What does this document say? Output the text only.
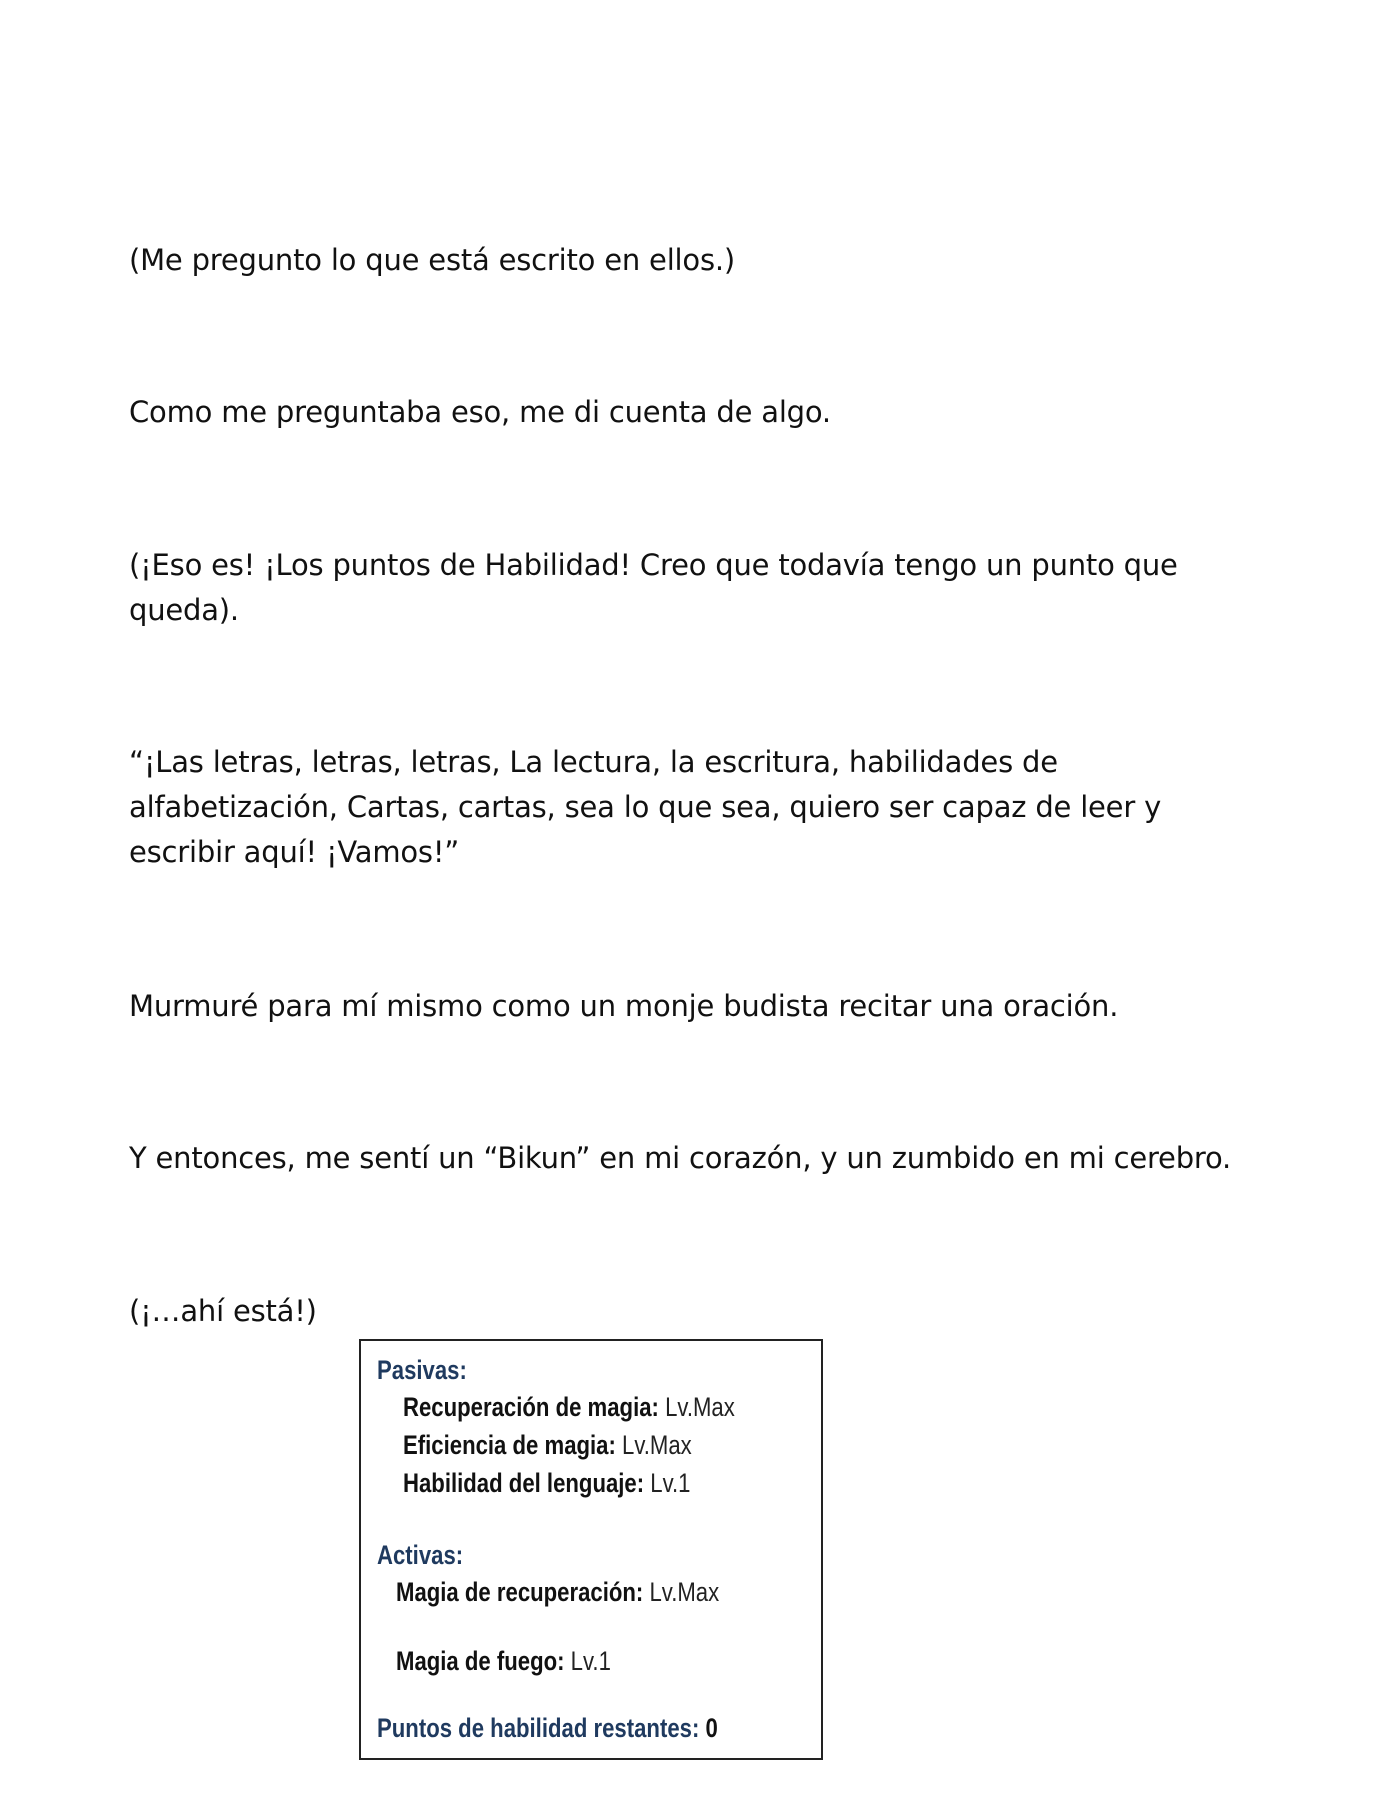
(Me pregunto lo que está escrito en ellos.)

Como me preguntaba eso, me di cuenta de algo.

(¡Eso es! ¡Los puntos de Habilidad! Creo que todavía tengo un punto que queda).

“¡Las letras, letras, letras, La lectura, la escritura, habilidades de alfabetización, Cartas, cartas, sea lo que sea, quiero ser capaz de leer y escribir aquí! ¡Vamos!”

Murmuré para mí mismo como un monje budista recitar una oración.

Y entonces, me sentí un “Bikun” en mi corazón, y un zumbido en mi cerebro.

(¡…ahí está!)

Pasivas:
Recuperación de magia: Lv.Max
Eficiencia de magia: Lv.Max
Habilidad del lenguaje: Lv.1
Activas:
Magia de recuperación: Lv.Max
Magia de fuego: Lv.1
Puntos de habilidad restantes: 0
